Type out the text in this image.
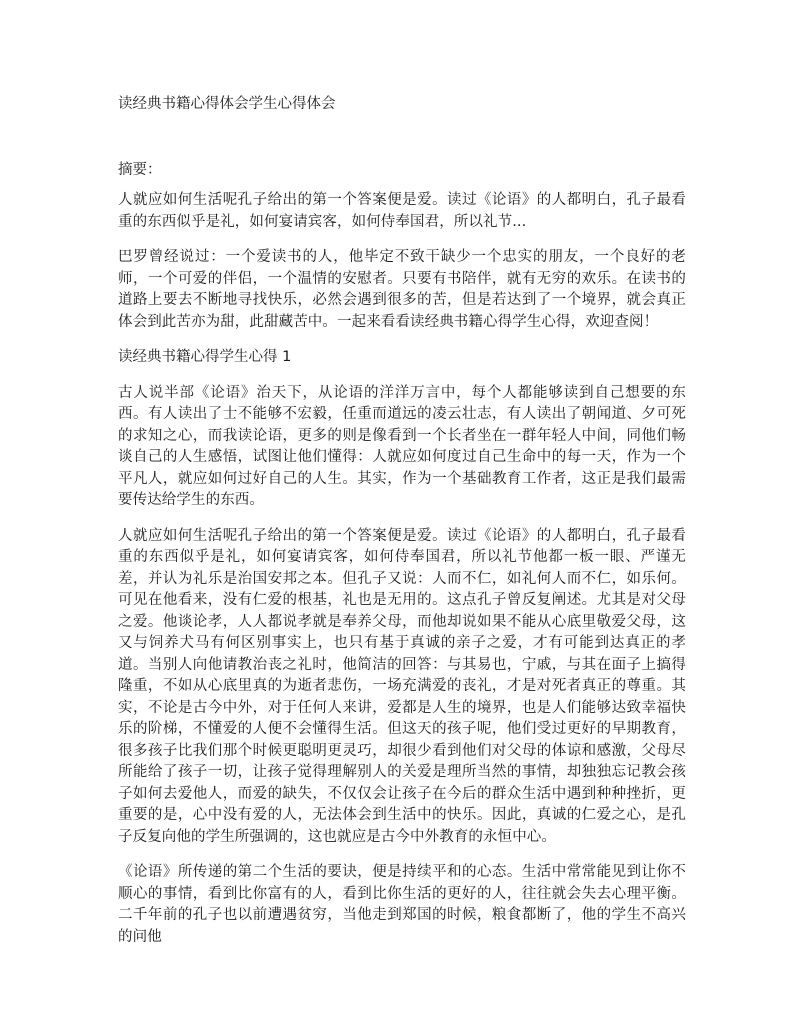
读经典书籍心得体会学生心得体会
摘要：

人就应如何生活呢孔子给出的第一个答案便是爱。读过《论语》的人都明白，孔子最看重的东西似乎是礼，如何宴请宾客，如何侍奉国君，所以礼节...

巴罗曾经说过：一个爱读书的人，他毕定不致干缺少一个忠实的朋友，一个良好的老师，一个可爱的伴侣，一个温情的安慰者。只要有书陪伴，就有无穷的欢乐。在读书的道路上要去不断地寻找快乐，必然会遇到很多的苦，但是若达到了一个境界，就会真正体会到此苦亦为甜，此甜藏苦中。一起来看看读经典书籍心得学生心得，欢迎查阅！

读经典书籍心得学生心得 1

古人说半部《论语》治天下，从论语的洋洋万言中，每个人都能够读到自己想要的东西。有人读出了士不能够不宏毅，任重而道远的凌云壮志，有人读出了朝闻道、夕可死的求知之心，而我读论语，更多的则是像看到一个长者坐在一群年轻人中间，同他们畅谈自己的人生感悟，试图让他们懂得：人就应如何度过自己生命中的每一天，作为一个平凡人，就应如何过好自己的人生。其实，作为一个基础教育工作者，这正是我们最需要传达给学生的东西。

人就应如何生活呢孔子给出的第一个答案便是爱。读过《论语》的人都明白，孔子最看重的东西似乎是礼，如何宴请宾客，如何侍奉国君，所以礼节他都一板一眼、严谨无差，并认为礼乐是治国安邦之本。但孔子又说：人而不仁，如礼何人而不仁，如乐何。可见在他看来，没有仁爱的根基，礼也是无用的。这点孔子曾反复阐述。尤其是对父母之爱。他谈论孝，人人都说孝就是奉养父母，而他却说如果不能从心底里敬爱父母，这又与饲养犬马有何区别事实上，也只有基于真诚的亲子之爱，才有可能到达真正的孝道。当别人向他请教治丧之礼时，他简洁的回答：与其易也，宁戚，与其在面子上搞得隆重，不如从心底里真的为逝者悲伤，一场充满爱的丧礼，才是对死者真正的尊重。其实，不论是古今中外，对于任何人来讲，爱都是人生的境界，也是人们能够达致幸福快乐的阶梯，不懂爱的人便不会懂得生活。但这天的孩子呢，他们受过更好的早期教育，很多孩子比我们那个时候更聪明更灵巧，却很少看到他们对父母的体谅和感激，父母尽所能给了孩子一切，让孩子觉得理解别人的关爱是理所当然的事情，却独独忘记教会孩子如何去爱他人，而爱的缺失，不仅仅会让孩子在今后的群众生活中遇到种种挫折，更重要的是，心中没有爱的人，无法体会到生活中的快乐。因此，真诚的仁爱之心，是孔子反复向他的学生所强调的，这也就应是古今中外教育的永恒中心。

《论语》所传递的第二个生活的要诀，便是持续平和的心态。生活中常常能见到让你不顺心的事情，看到比你富有的人，看到比你生活的更好的人，往往就会失去心理平衡。二千年前的孔子也以前遭遇贫穷，当他走到郑国的时候，粮食都断了，他的学生不高兴的问他
